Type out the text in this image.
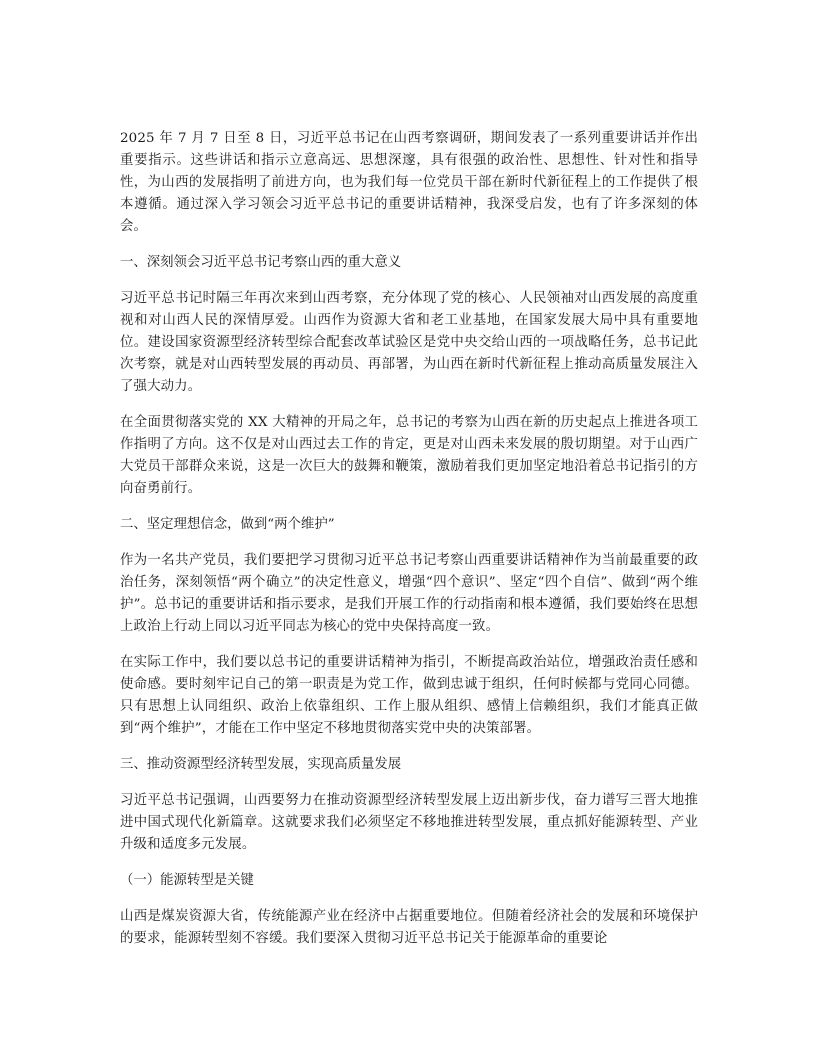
2025 年 7 月 7 日至 8 日，习近平总书记在山西考察调研，期间发表了一系列重要讲话并作出重要指示。这些讲话和指示立意高远、思想深邃，具有很强的政治性、思想性、针对性和指导性，为山西的发展指明了前进方向，也为我们每一位党员干部在新时代新征程上的工作提供了根本遵循。通过深入学习领会习近平总书记的重要讲话精神，我深受启发，也有了许多深刻的体会。

一、深刻领会习近平总书记考察山西的重大意义

习近平总书记时隔三年再次来到山西考察，充分体现了党的核心、人民领袖对山西发展的高度重视和对山西人民的深情厚爱。山西作为资源大省和老工业基地，在国家发展大局中具有重要地位。建设国家资源型经济转型综合配套改革试验区是党中央交给山西的一项战略任务，总书记此次考察，就是对山西转型发展的再动员、再部署，为山西在新时代新征程上推动高质量发展注入了强大动力。

在全面贯彻落实党的 XX 大精神的开局之年，总书记的考察为山西在新的历史起点上推进各项工作指明了方向。这不仅是对山西过去工作的肯定，更是对山西未来发展的殷切期望。对于山西广大党员干部群众来说，这是一次巨大的鼓舞和鞭策，激励着我们更加坚定地沿着总书记指引的方向奋勇前行。

二、坚定理想信念，做到“两个维护”

作为一名共产党员，我们要把学习贯彻习近平总书记考察山西重要讲话精神作为当前最重要的政治任务，深刻领悟“两个确立”的决定性意义，增强“四个意识”、坚定“四个自信”、做到“两个维护”。总书记的重要讲话和指示要求，是我们开展工作的行动指南和根本遵循，我们要始终在思想上政治上行动上同以习近平同志为核心的党中央保持高度一致。

在实际工作中，我们要以总书记的重要讲话精神为指引，不断提高政治站位，增强政治责任感和使命感。要时刻牢记自己的第一职责是为党工作，做到忠诚于组织，任何时候都与党同心同德。只有思想上认同组织、政治上依靠组织、工作上服从组织、感情上信赖组织，我们才能真正做到“两个维护”，才能在工作中坚定不移地贯彻落实党中央的决策部署。

三、推动资源型经济转型发展，实现高质量发展

习近平总书记强调，山西要努力在推动资源型经济转型发展上迈出新步伐，奋力谱写三晋大地推进中国式现代化新篇章。这就要求我们必须坚定不移地推进转型发展，重点抓好能源转型、产业升级和适度多元发展。

（一）能源转型是关键

山西是煤炭资源大省，传统能源产业在经济中占据重要地位。但随着经济社会的发展和环境保护的要求，能源转型刻不容缓。我们要深入贯彻习近平总书记关于能源革命的重要论
